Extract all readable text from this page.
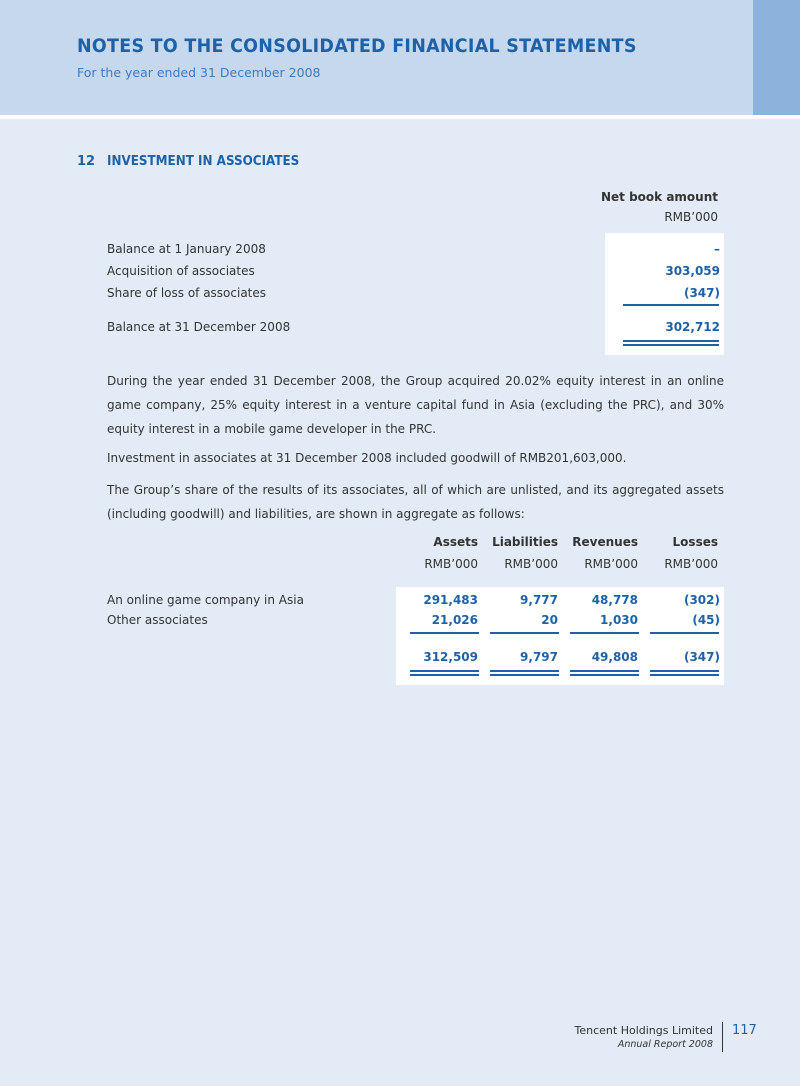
NOTES TO THE CONSOLIDATED FINANCIAL STATEMENTS
For the year ended 31 December 2008
12 INVESTMENT IN ASSOCIATES
Net book amount
RMB’000
Balance at 1 January 2008	–
Acquisition of associates	303,059
Share of loss of associates	(347)
Balance at 31 December 2008	302,712
During the year ended 31 December 2008, the Group acquired 20.02% equity interest in an online game company, 25% equity interest in a venture capital fund in Asia (excluding the PRC), and 30% equity interest in a mobile game developer in the PRC.
Investment in associates at 31 December 2008 included goodwill of RMB201,603,000.
The Group’s share of the results of its associates, all of which are unlisted, and its aggregated assets (including goodwill) and liabilities, are shown in aggregate as follows:
Assets Liabilities Revenues	Losses
RMB’000 RMB’000 RMB’000 RMB’000
An online game company in Asia	291,483	9,777	48,778	(302)
Other associates	21,026	20	1,030	(45)
312,509	9,797	49,808	(347)
Tencent Holdings Limited
Annual Report 2008
117
